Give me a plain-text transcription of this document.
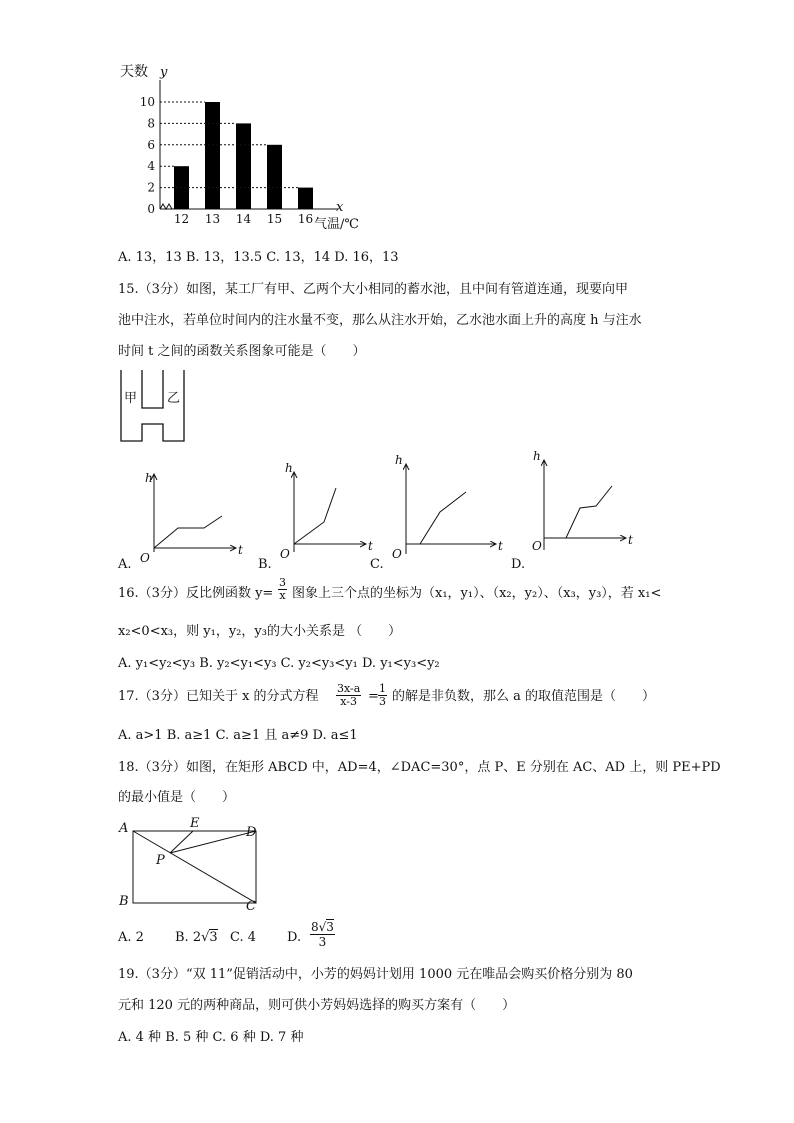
天数 y
x
气温/℃
0
2
4
6
8
10
12 13 14 15 16
A. 13，13 B. 13，13.5 C. 13，14 D. 16，13
15.（3分）如图，某工厂有甲、乙两个大小相同的蓄水池，且中间有管道连通，现要向甲
池中注水，若单位时间内的注水量不变，那么从注水开始，乙水池水面上升的高度 h 与注水
时间 t 之间的函数关系图象可能是（　　）
甲 乙
h
t
O
A.
h
t
O
B.
h
t
O
C.
h
t
O
D.
16.（3分）反比例函数 $y= \frac{3}{x}$ 图象上三个点的坐标为（x₁，y₁）、（x₂，y₂）、（x₃，y₃），若 x₁<
x₂<0<x₃，则 y₁，y₂，y₃的大小关系是 （　　）
A. y₁<y₂<y₃ B. y₂<y₁<y₃ C. y₂<y₃<y₁ D. y₁<y₃<y₂
17.（3分）已知关于 x 的分式方程 $\frac{3x-a}{x-3} = \frac{1}{3}$ 的解是非负数，那么 a 的取值范围是（　　）
A. a>1 B. a≥1 C. a≥1 且 a≠9 D. a≤1
18.（3分）如图，在矩形 ABCD 中，AD=4，∠DAC=30°，点 P、E 分别在 AC、AD 上，则 PE+PD
的最小值是（　　）
A
B	C
D
E
P
A. 2 B. 2√3 C. 4 D. $\frac{8√3}{3}$
19.（3分）“双 11”促销活动中，小芳的妈妈计划用 1000 元在唯品会购买价格分别为 80
元和 120 元的两种商品，则可供小芳妈妈选择的购买方案有（　　）
A. 4 种 B. 5 种 C. 6 种 D. 7 种
